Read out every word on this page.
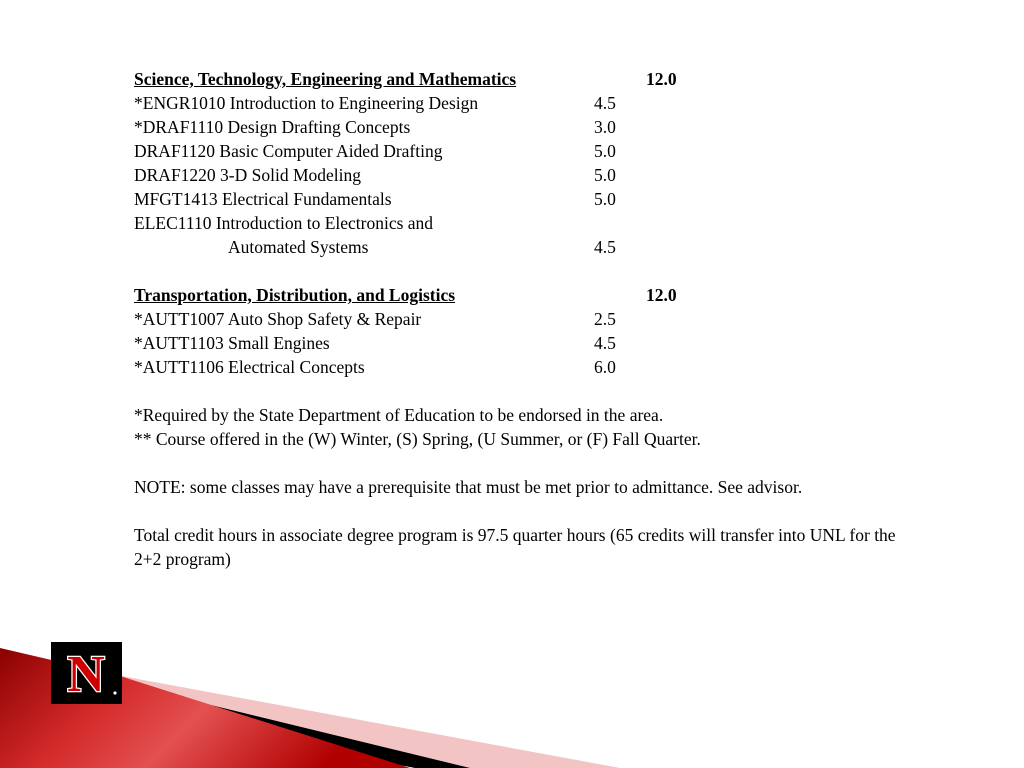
N
Science, Technology, Engineering and Mathematics	12.0
*ENGR1010 Introduction to Engineering Design	4.5
*DRAF1110 Design Drafting Concepts	3.0
DRAF1120 Basic Computer Aided Drafting	5.0
DRAF1220 3-D Solid Modeling	5.0
MFGT1413 Electrical Fundamentals	5.0
ELEC1110 Introduction to Electronics and
Automated Systems	4.5
Transportation, Distribution, and Logistics	12.0
*AUTT1007 Auto Shop Safety & Repair	2.5
*AUTT1103 Small Engines	4.5
*AUTT1106 Electrical Concepts	6.0
*Required by the State Department of Education to be endorsed in the area.
** Course offered in the (W) Winter, (S) Spring, (U Summer, or (F) Fall Quarter.
NOTE: some classes may have a prerequisite that must be met prior to admittance. See advisor.
Total credit hours in associate degree program is 97.5 quarter hours (65 credits will transfer into UNL for the 2+2 program)
